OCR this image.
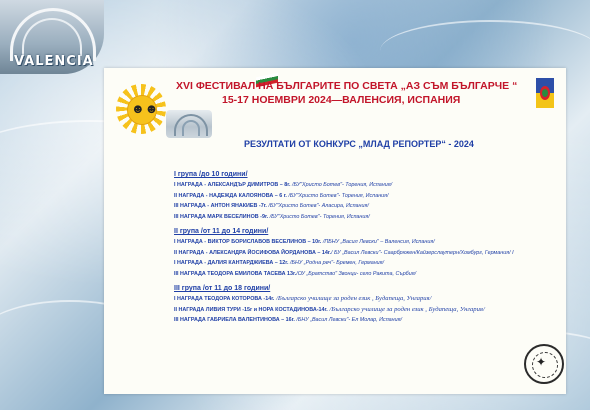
VALENCIA
☻☻
XVI ФЕСТИВАЛ НА БЪЛГАРИТЕ ПО СВЕТА „АЗ СЪМ БЪЛГАРЧЕ “
15-17 НОЕМВРИ 2024—ВАЛЕНСИЯ, ИСПАНИЯ
РЕЗУЛТАТИ ОТ КОНКУРС „МЛАД РЕПОРТЕР“ - 2024
I група /до 10 години/
I НАГРАДА - АЛЕКСАНДЪР ДИМИТРОВ – 8г. /БУ"Христо Ботев"- Торения, Испания/
II НАГРАДА - НАДЕЖДА КАЛОЯНОВА – 6 г. /БУ"Христо Ботев"- Торения, Испания/
III НАГРАДА - АНТОН ЯНАКИЕВ -7г. /БУ"Христо Ботев"- Аласира, Испания/
III НАГРАДА МАРК ВЕСЕЛИНОВ -9г. /БУ"Христо Ботев"- Торения, Испания/
II група /от 11 до 14 години/
I НАГРАДА - ВИКТОР БОРИСЛАВОВ ВЕСЕЛИНОВ – 10г. /ПБНУ „Васил Левски" – Валенсия, Испания/
II НАГРАДА - АЛЕКСАНДРА ЙОСИФОВА ЙОРДАНОВА – 14г./ БУ „Васил Левски"- Саарбрюкен/Кайзерслаутерн/Хомбург, Германия/ I
I НАГРАДА - ДАЛИЯ КАНТАРДЖИЕВА – 12г. /БНУ „Родна реч"- Бремен, Германия/
III НАГРАДА ТЕОДОРА ЕМИЛОВА ТАСЕВА 13г./ОУ „Братство" Звонци- село Ракита, Сърбия/
III група /от 11 до 18 години/
I НАГРАДА ТЕОДОРА КОТОРОВА -14г. /Българско училище за роден език , Будапеща, Унгария/
II НАГРАДА ЛИВИЯ ТУРИ -15г и НОРА КОСТАДИНОВА-14г. /Българско училище за роден език , Будапеща, Унгария/
III НАГРАДА ГАБРИЕЛА ВАЛЕНТИНОВА – 16г. /БНУ „Васил Левски"- Ел Молар, Испания/
✦
